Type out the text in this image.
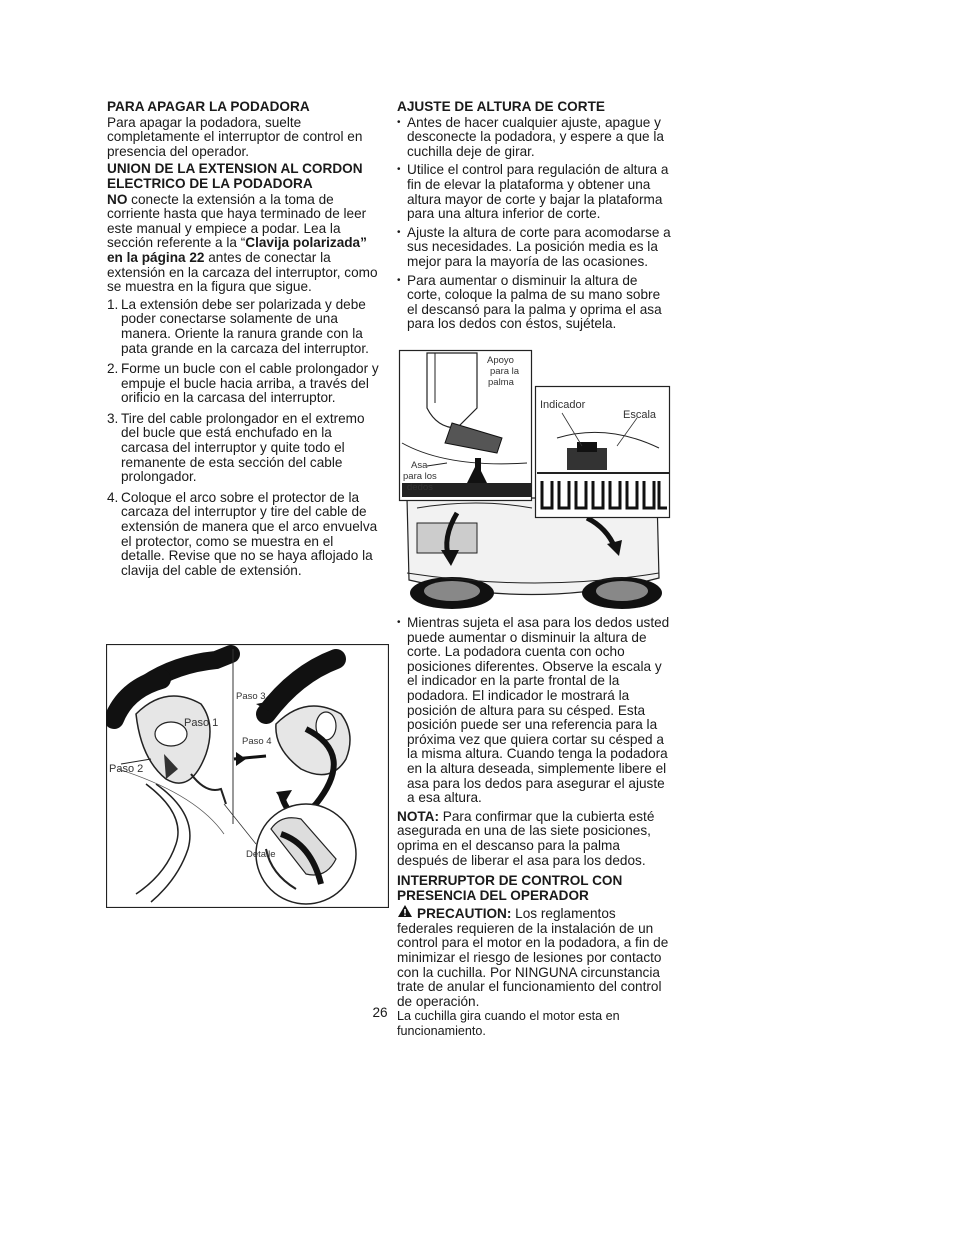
PARA APAGAR LA PODADORA
Para apagar la podadora, suelte completamente el interruptor de control en presencia del operador.
UNION DE LA EXTENSION AL CORDON ELECTRICO DE LA PODADORA
NO conecte la extensión a la toma de corriente hasta que haya terminado de leer este manual y empiece a podar. Lea la sección referente a la “Clavija polarizada” en la página 22 antes de conectar la extensión en la carcaza del interruptor, como se muestra en la figura que sigue.
1. La extensión debe ser polarizada y debe poder conectarse solamente de una manera. Oriente la ranura grande con la pata grande en la carcaza del interruptor.
2. Forme un bucle con el cable prolongador y empuje el bucle hacia arriba, a través del orificio en la carcasa del interruptor.
3. Tire del cable prolongador en el extremo del bucle que está enchufado en la carcasa del interruptor y quite todo el remanente de esta sección del cable prolongador.
4. Coloque el arco sobre el protector de la carcaza del interruptor y tire del cable de extensión de manera que el arco envuelva el protector, como se muestra en el detalle. Revise que no se haya aflojado la clavija del cable de extensión.
Paso 1
Paso 2
Paso 3
Paso 4
Detalle
AJUSTE DE ALTURA DE CORTE
• Antes de hacer cualquier ajuste, apague y desconecte la podadora, y espere a que la cuchilla deje de girar.
• Utilice el control para regulación de altura a fin de elevar la plataforma y obtener una altura mayor de corte y bajar la plataforma para una altura inferior de corte.
• Ajuste la altura de corte para acomodarse a sus necesidades. La posición media es la mejor para la mayoría de las ocasiones.
• Para aumentar o disminuir la altura de corte, coloque la palma de su mano sobre el descansó para la palma y oprima el asa para los dedos con éstos, sujétela.
Apoyo
para la
palma
Asa
para los
dedos
Indicador
Escala
• Mientras sujeta el asa para los dedos usted puede aumentar o disminuir la altura de corte. La podadora cuenta con ocho posiciones diferentes. Observe la escala y el indicador en la parte frontal de la podadora. El indicador le mostrará la posición de altura para su césped. Esta posición puede ser una referencia para la próxima vez que quiera cortar su césped a la misma altura. Cuando tenga la podadora en la altura deseada, simplemente libere el asa para los dedos para asegurar el ajuste a esa altura.
NOTA: Para confirmar que la cubierta esté asegurada en una de las siete posiciones, oprima en el descanso para la palma después de liberar el asa para los dedos.
INTERRUPTOR DE CONTROL CON PRESENCIA DEL OPERADOR
PRECAUTION: Los reglamentos federales requieren de la instalación de un control para el motor en la podadora, a fin de minimizar el riesgo de lesiones por contacto con la cuchilla. Por NINGUNA circunstancia trate de anular el funcionamiento del control de operación.
La cuchilla gira cuando el motor esta en funcionamiento.
26
